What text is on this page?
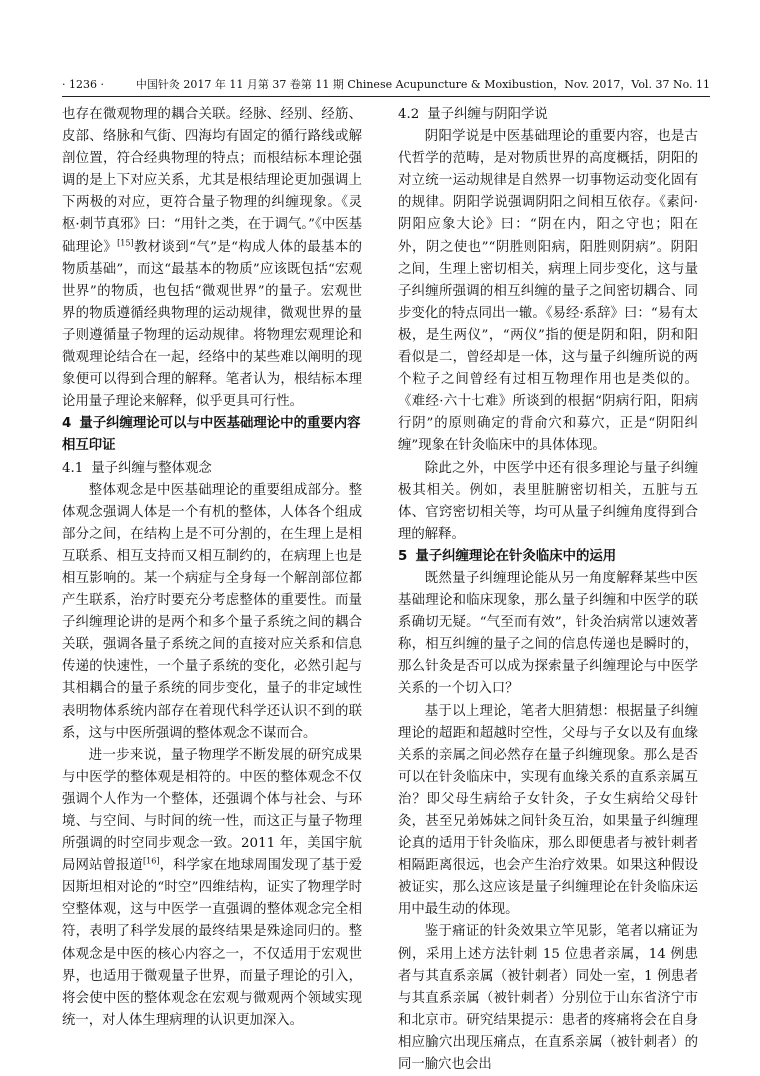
· 1236 ·	中国针灸 2017 年 11 月第 37 卷第 11 期 Chinese Acupuncture & Moxibustion，Nov. 2017，Vol. 37 No. 11

也存在微观物理的耦合关联。经脉、经别、经筋、皮部、络脉和气街、四海均有固定的循行路线或解剖位置，符合经典物理的特点；而根结标本理论强调的是上下对应关系，尤其是根结理论更加强调上下两极的对应，更符合量子物理的纠缠现象。《灵枢·刺节真邪》曰：“用针之类，在于调气。”《中医基础理论》[15]教材谈到“气”是“构成人体的最基本的物质基础”，而这“最基本的物质”应该既包括“宏观世界”的物质，也包括“微观世界”的量子。宏观世界的物质遵循经典物理的运动规律，微观世界的量子则遵循量子物理的运动规律。将物理宏观理论和微观理论结合在一起，经络中的某些难以阐明的现象便可以得到合理的解释。笔者认为，根结标本理论用量子理论来解释，似乎更具可行性。

4 量子纠缠理论可以与中医基础理论中的重要内容相互印证
4.1 量子纠缠与整体观念

整体观念是中医基础理论的重要组成部分。整体观念强调人体是一个有机的整体，人体各个组成部分之间，在结构上是不可分割的，在生理上是相互联系、相互支持而又相互制约的，在病理上也是相互影响的。某一个病症与全身每一个解剖部位都产生联系，治疗时要充分考虑整体的重要性。而量子纠缠理论讲的是两个和多个量子系统之间的耦合关联，强调各量子系统之间的直接对应关系和信息传递的快速性，一个量子系统的变化，必然引起与其相耦合的量子系统的同步变化，量子的非定域性表明物体系统内部存在着现代科学还认识不到的联系，这与中医所强调的整体观念不谋而合。

进一步来说，量子物理学不断发展的研究成果与中医学的整体观是相符的。中医的整体观念不仅强调个人作为一个整体，还强调个体与社会、与环境、与空间、与时间的统一性，而这正与量子物理所强调的时空同步观念一致。2011 年，美国宇航局网站曾报道[16]，科学家在地球周围发现了基于爱因斯坦相对论的“时空”四维结构，证实了物理学时空整体观，这与中医学一直强调的整体观念完全相符，表明了科学发展的最终结果是殊途同归的。整体观念是中医的核心内容之一，不仅适用于宏观世界，也适用于微观量子世界，而量子理论的引入，将会使中医的整体观念在宏观与微观两个领域实现统一，对人体生理病理的认识更加深入。

4.2 量子纠缠与阴阳学说

阴阳学说是中医基础理论的重要内容，也是古代哲学的范畴，是对物质世界的高度概括，阴阳的对立统一运动规律是自然界一切事物运动变化固有的规律。阴阳学说强调阴阳之间相互依存。《素问·阴阳应象大论》曰：“阴在内，阳之守也；阳在外，阴之使也”“阴胜则阳病，阳胜则阴病”。阴阳之间，生理上密切相关，病理上同步变化，这与量子纠缠所强调的相互纠缠的量子之间密切耦合、同步变化的特点同出一辙。《易经·系辞》曰：“易有太极，是生两仪”，“两仪”指的便是阴和阳，阴和阳看似是二，曾经却是一体，这与量子纠缠所说的两个粒子之间曾经有过相互物理作用也是类似的。《难经·六十七难》所谈到的根据“阴病行阳，阳病行阴”的原则确定的背俞穴和募穴，正是“阴阳纠缠”现象在针灸临床中的具体体现。

除此之外，中医学中还有很多理论与量子纠缠极其相关。例如，表里脏腑密切相关，五脏与五体、官窍密切相关等，均可从量子纠缠角度得到合理的解释。

5 量子纠缠理论在针灸临床中的运用

既然量子纠缠理论能从另一角度解释某些中医基础理论和临床现象，那么量子纠缠和中医学的联系确切无疑。“气至而有效”，针灸治病常以速效著称，相互纠缠的量子之间的信息传递也是瞬时的，那么针灸是否可以成为探索量子纠缠理论与中医学关系的一个切入口？

基于以上理论，笔者大胆猜想：根据量子纠缠理论的超距和超越时空性，父母与子女以及有血缘关系的亲属之间必然存在量子纠缠现象。那么是否可以在针灸临床中，实现有血缘关系的直系亲属互治？即父母生病给子女针灸，子女生病给父母针灸，甚至兄弟姊妹之间针灸互治，如果量子纠缠理论真的适用于针灸临床，那么即便患者与被针刺者相隔距离很远，也会产生治疗效果。如果这种假设被证实，那么这应该是量子纠缠理论在针灸临床运用中最生动的体现。

鉴于痛证的针灸效果立竿见影，笔者以痛证为例，采用上述方法针刺 15 位患者亲属，14 例患者与其直系亲属（被针刺者）同处一室，1 例患者与其直系亲属（被针刺者）分别位于山东省济宁市和北京市。研究结果提示：患者的疼痛将会在自身相应腧穴出现压痛点，在直系亲属（被针刺者）的同一腧穴也会出
